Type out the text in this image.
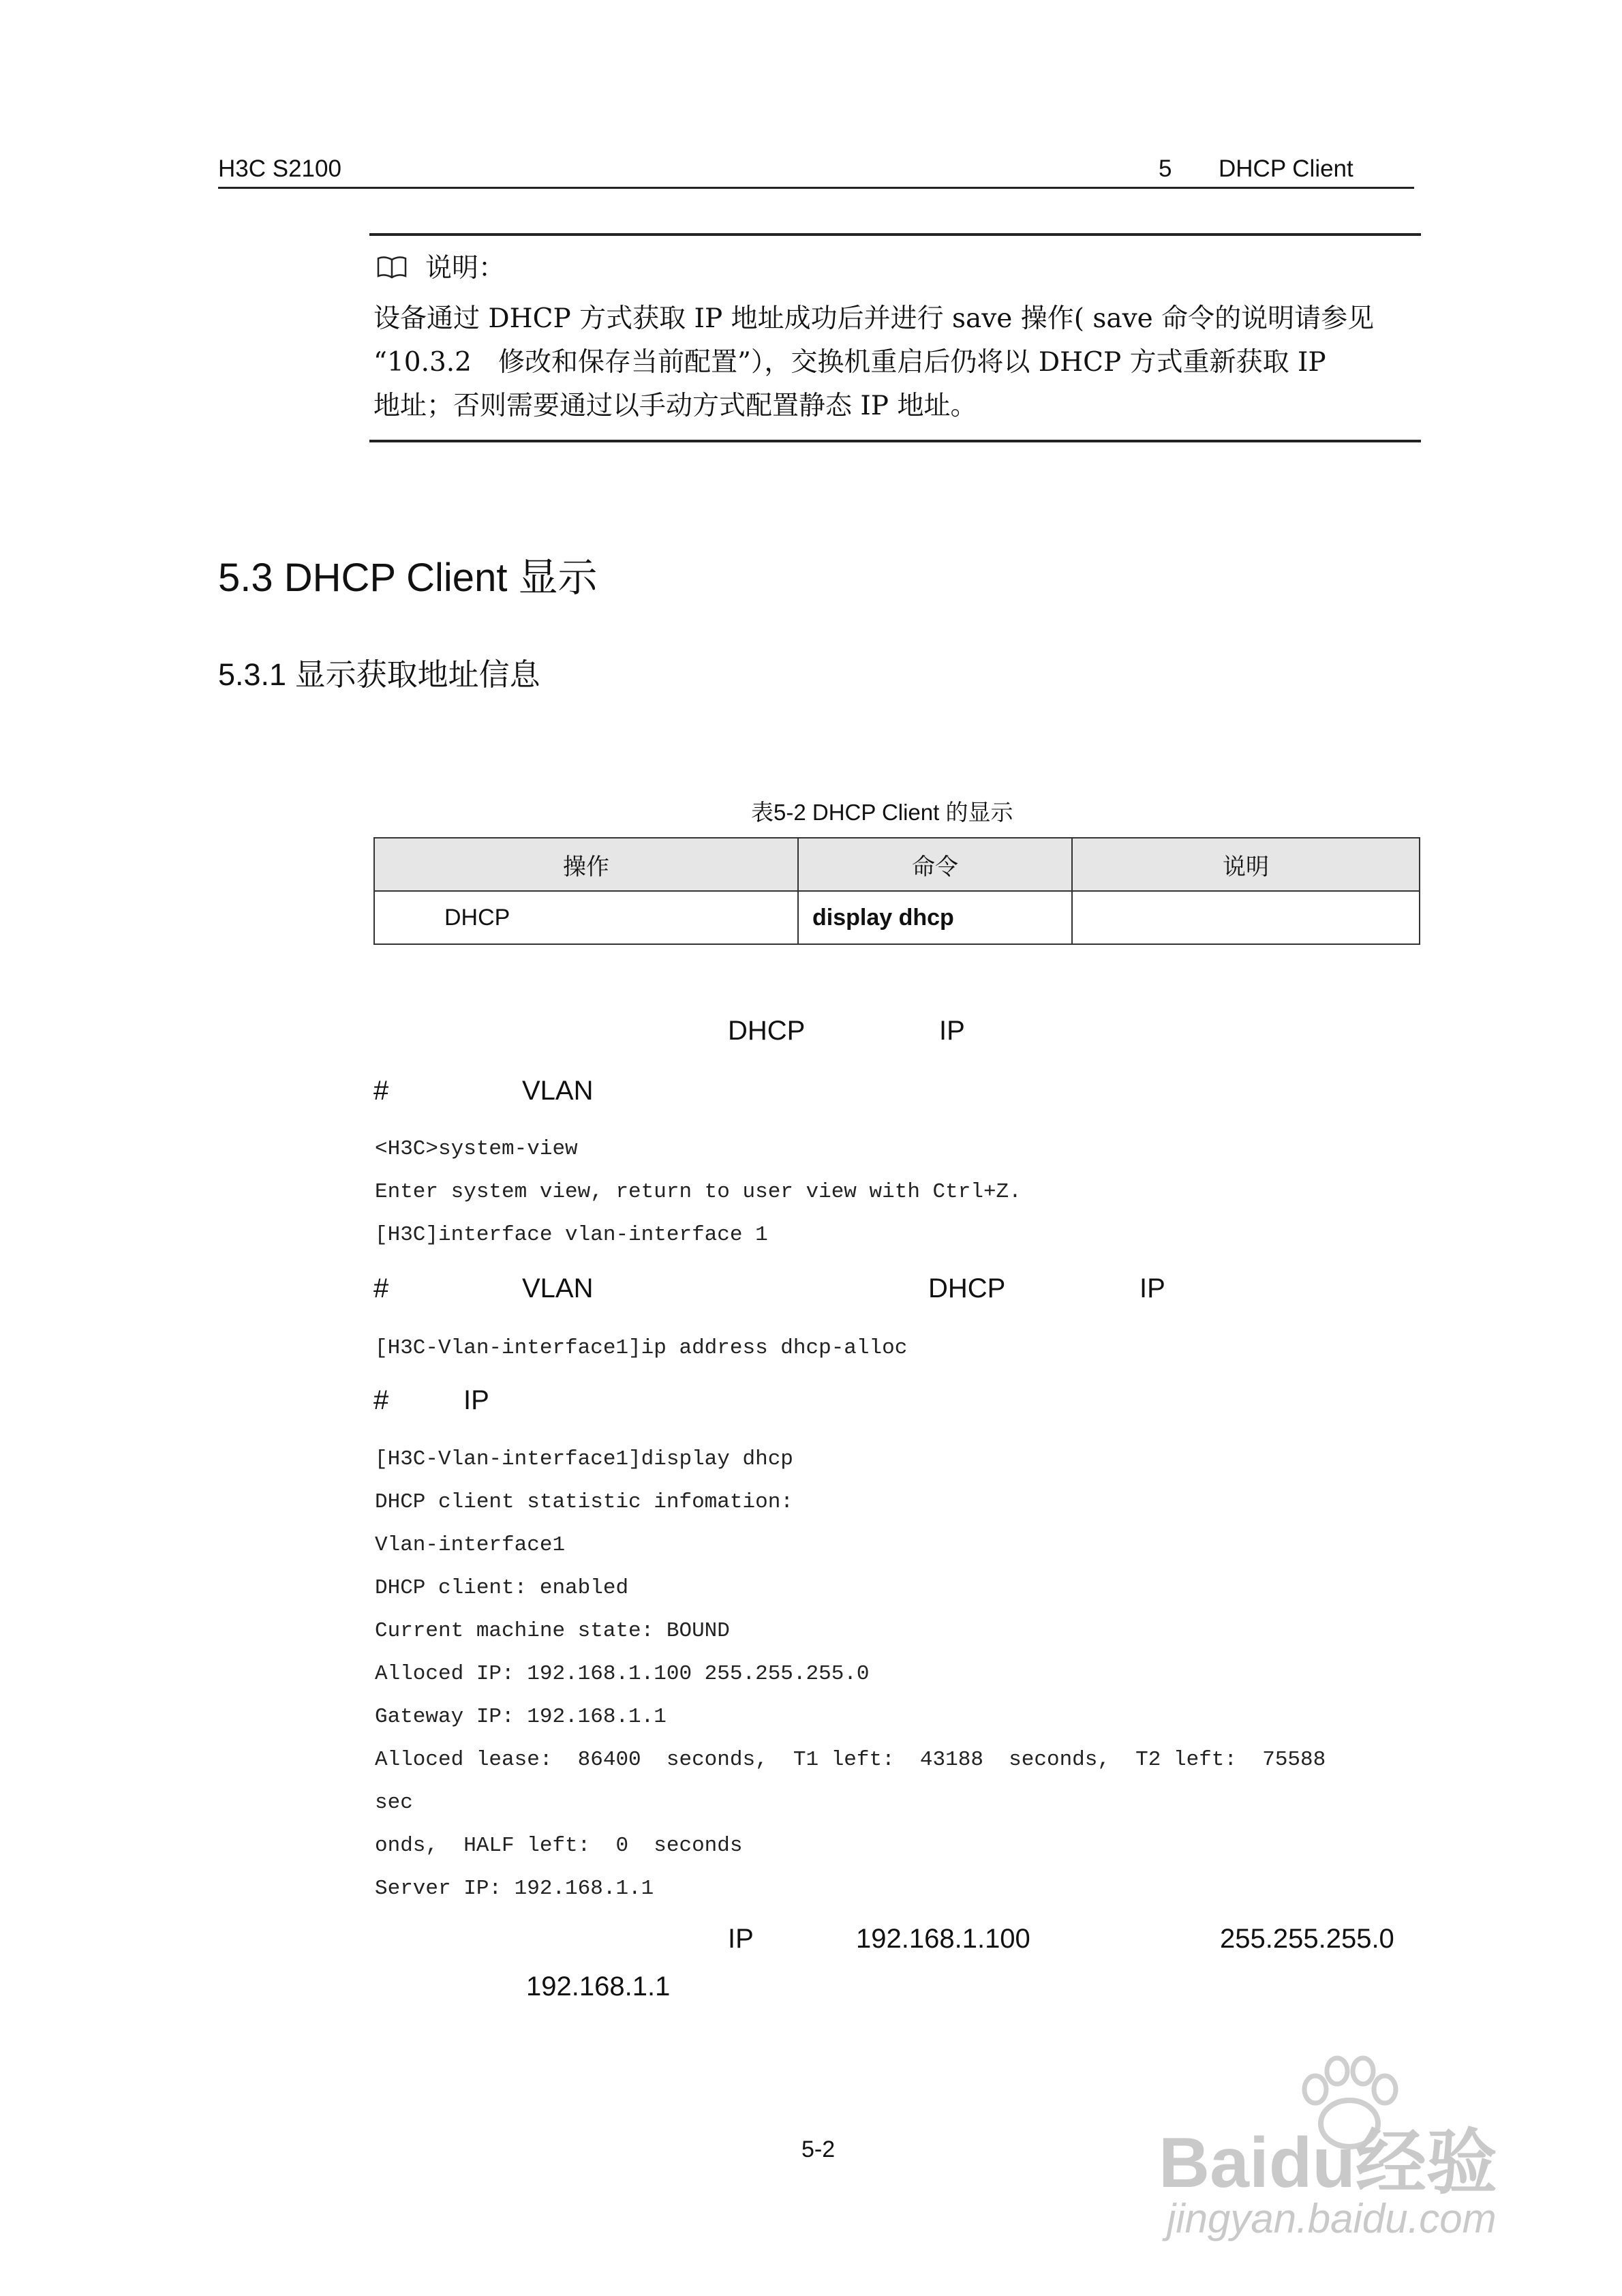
H3C S2100	5 DHCP Client
说明：
设备通过 DHCP 方式获取 IP 地址成功后并进行 save 操作( save 命令的说明请参见
“10.3.2　修改和保存当前配置”），交换机重启后仍将以 DHCP 方式重新获取 IP
地址；否则需要通过以手动方式配置静态 IP 地址。
5.3 DHCP Client 显示
5.3.1 显示获取地址信息
表5-2 DHCP Client 的显示
操作	命令	说明
DHCP	display dhcp	
DHCP	IP
#	VLAN
<H3C>system-view
Enter system view, return to user view with Ctrl+Z.
[H3C]interface vlan-interface 1
#	VLAN	DHCP	IP
[H3C-Vlan-interface1]ip address dhcp-alloc
#	IP
[H3C-Vlan-interface1]display dhcp
DHCP client statistic infomation:
Vlan-interface1
DHCP client: enabled
Current machine state: BOUND
Alloced IP: 192.168.1.100 255.255.255.0
Gateway IP: 192.168.1.1
Alloced lease:  86400  seconds,  T1 left:  43188  seconds,  T2 left:  75588
sec
onds,  HALF left:  0  seconds
Server IP: 192.168.1.1
IP	192.168.1.100	255.255.255.0
192.168.1.1
5-2	Baidu经验
jingyan.baidu.com
